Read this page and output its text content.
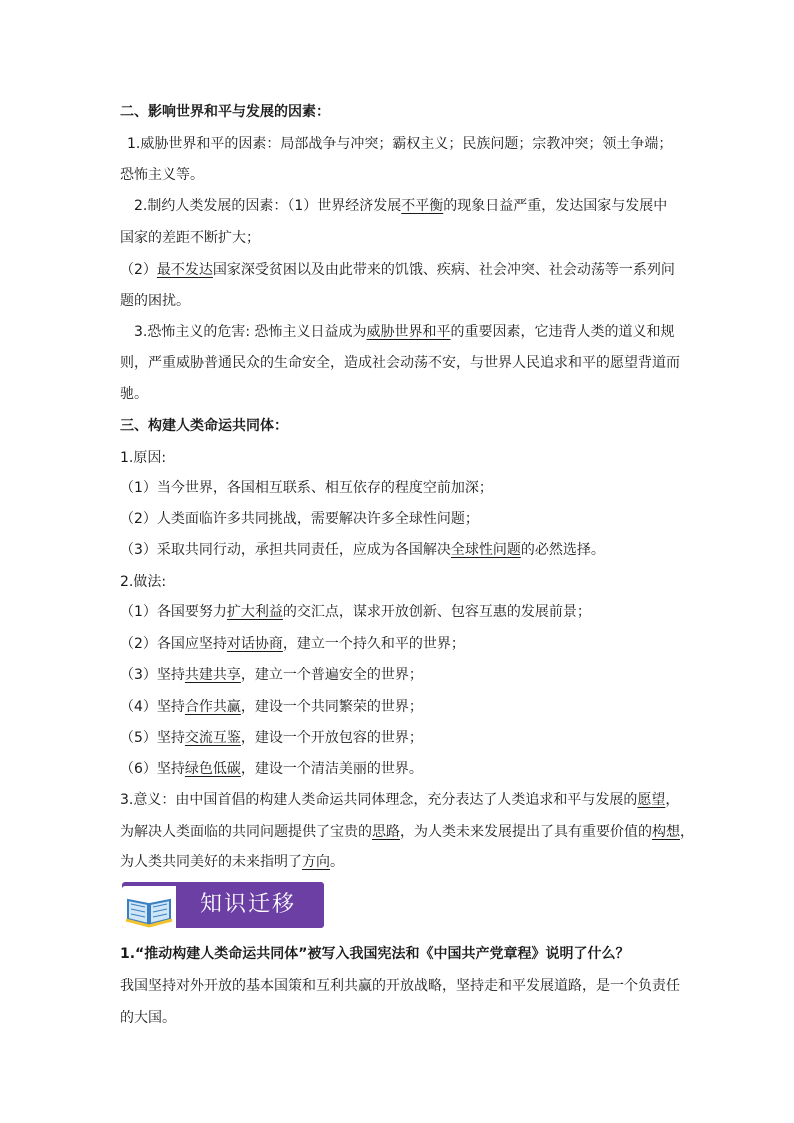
二、影响世界和平与发展的因素：
1.威胁世界和平的因素：局部战争与冲突；霸权主义；民族问题；宗教冲突；领土争端；
恐怖主义等。
2.制约人类发展的因素：（1）世界经济发展不平衡的现象日益严重，发达国家与发展中
国家的差距不断扩大；
（2）最不发达国家深受贫困以及由此带来的饥饿、疾病、社会冲突、社会动荡等一系列问
题的困扰。
3.恐怖主义的危害: 恐怖主义日益成为威胁世界和平的重要因素，它违背人类的道义和规
则，严重威胁普通民众的生命安全，造成社会动荡不安，与世界人民追求和平的愿望背道而
驰。
三、构建人类命运共同体：
1.原因:
（1）当今世界，各国相互联系、相互依存的程度空前加深；
（2）人类面临许多共同挑战，需要解决许多全球性问题；
（3）采取共同行动，承担共同责任，应成为各国解决全球性问题的必然选择。
2.做法:
（1）各国要努力扩大利益的交汇点，谋求开放创新、包容互惠的发展前景；
（2）各国应坚持对话协商，建立一个持久和平的世界；
（3）坚持共建共享，建立一个普遍安全的世界；
（4）坚持合作共赢，建设一个共同繁荣的世界；
（5）坚持交流互鉴，建设一个开放包容的世界；
（6）坚持绿色低碳，建设一个清洁美丽的世界。
3.意义：由中国首倡的构建人类命运共同体理念，充分表达了人类追求和平与发展的愿望，
为解决人类面临的共同问题提供了宝贵的思路，为人类未来发展提出了具有重要价值的构想，
为人类共同美好的未来指明了方向。
知识迁移
1.“推动构建人类命运共同体”被写入我国宪法和《中国共产党章程》说明了什么？
我国坚持对外开放的基本国策和互利共赢的开放战略，坚持走和平发展道路，是一个负责任
的大国。
